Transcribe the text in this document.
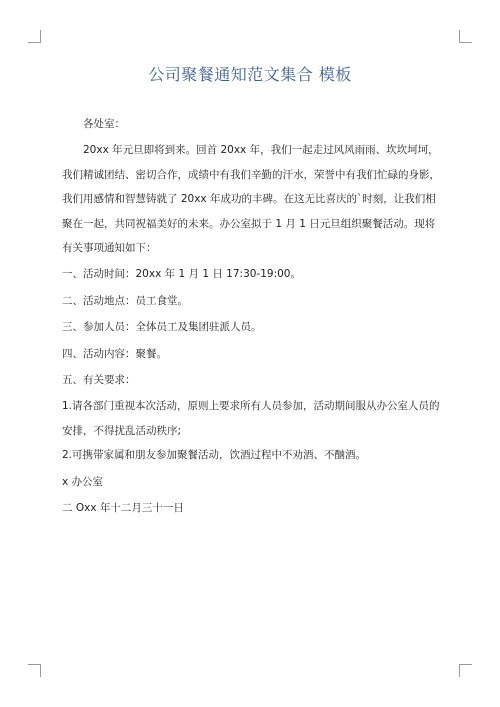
公司聚餐通知范文集合 模板

各处室：

20xx 年元旦即将到来。回首 20xx 年，我们一起走过风风雨雨、坎坎坷坷，我们精诚团结、密切合作，成绩中有我们辛勤的汗水，荣誉中有我们忙碌的身影，我们用感情和智慧铸就了 20xx 年成功的丰碑。在这无比喜庆的`时刻，让我们相聚在一起，共同祝福美好的未来。办公室拟于 1 月 1 日元旦组织聚餐活动。现将有关事项通知如下：

一、活动时间：20xx 年 1 月 1 日 17:30-19:00。

二、活动地点：员工食堂。

三、参加人员：全体员工及集团驻派人员。

四、活动内容：聚餐。

五、有关要求：

1.请各部门重视本次活动，原则上要求所有人员参加，活动期间服从办公室人员的安排，不得扰乱活动秩序;

2.可携带家属和朋友参加聚餐活动，饮酒过程中不劝酒、不酗酒。

x 办公室

二 Oxx 年十二月三十一日
